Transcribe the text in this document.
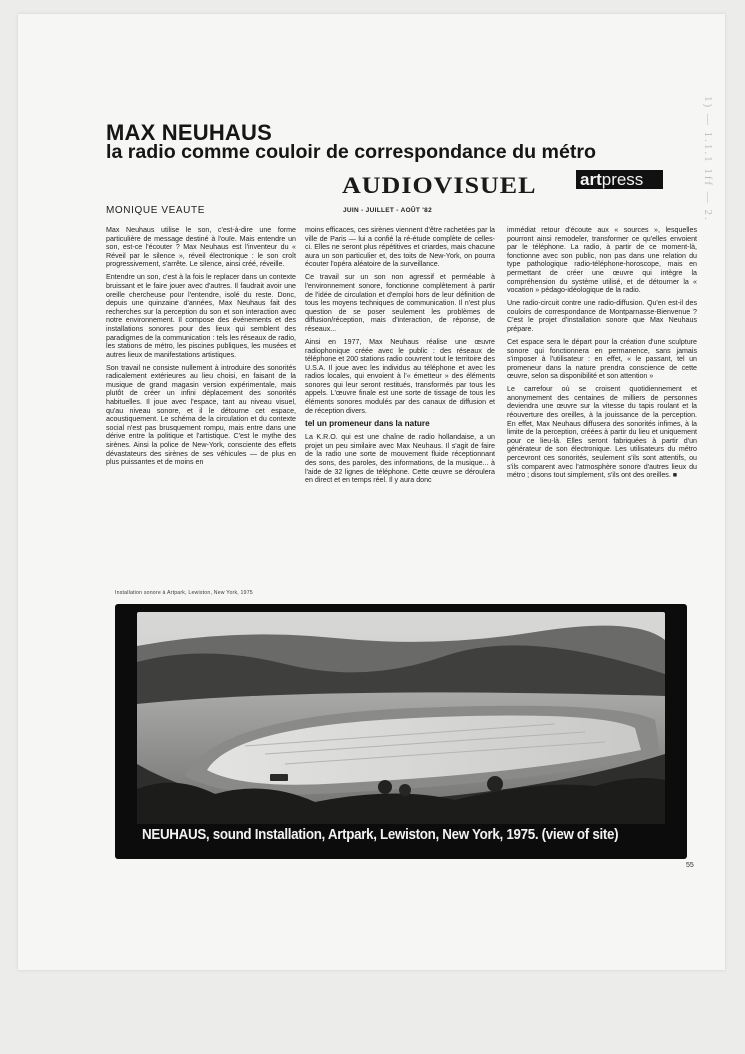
1) — 1.1.1 1ff — 2.
MAX NEUHAUS
la radio comme couloir de correspondance du métro
AUDIOVISUEL	artpress
MONIQUE VEAUTE	JUIN - JUILLET - AOÛT '82

Max Neuhaus utilise le son, c'est-à-dire une forme particulière de message destiné à l'ouïe. Mais entendre un son, est-ce l'écouter ? Max Neuhaus est l'inventeur du « Réveil par le silence », réveil électronique : le son croît progressivement, s'arrête. Le silence, ainsi créé, réveille.

Entendre un son, c'est à la fois le replacer dans un contexte bruissant et le faire jouer avec d'autres. Il faudrait avoir une oreille chercheuse pour l'entendre, isolé du reste. Donc, depuis une quinzaine d'années, Max Neuhaus fait des recherches sur la perception du son et son interaction avec notre environnement. Il compose des événements et des installations sonores pour des lieux qui semblent des paradigmes de la communication : tels les réseaux de radio, les stations de métro, les piscines publiques, les musées et autres lieux de manifestations artistiques.

Son travail ne consiste nullement à introduire des sonorités radicalement extérieures au lieu choisi, en faisant de la musique de grand magasin version expérimentale, mais plutôt de créer un infini déplacement des sonorités habituelles. Il joue avec l'espace, tant au niveau visuel, qu'au niveau sonore, et il le détourne cet espace, acoustiquement. Le schéma de la circulation et du contexte social n'est pas brusquement rompu, mais entre dans une dérive entre la politique et l'artistique. C'est le mythe des sirènes. Ainsi la police de New-York, consciente des effets dévastateurs des sirènes de ses véhicules — de plus en plus puissantes et de moins en

moins efficaces, ces sirènes viennent d'être rachetées par la ville de Paris — lui a confié la ré-étude complète de celles-ci. Elles ne seront plus répétitives et criardes, mais chacune aura un son particulier et, des toits de New-York, on pourra écouter l'opéra aléatoire de la surveillance.

Ce travail sur un son non agressif et perméable à l'environnement sonore, fonctionne complètement à partir de l'idée de circulation et d'emploi hors de leur définition de tous les moyens techniques de communication. Il n'est plus question de se poser seulement les problèmes de diffusion/réception, mais d'interaction, de réponse, de réseaux...

Ainsi en 1977, Max Neuhaus réalise une œuvre radiophonique créée avec le public : des réseaux de téléphone et 200 stations radio couvrent tout le territoire des U.S.A. Il joue avec les individus au téléphone et avec les radios locales, qui envoient à l'« émetteur » des éléments sonores qui leur seront restitués, transformés par tous les appels. L'œuvre finale est une sorte de tissage de tous les éléments sonores modulés par des canaux de diffusion et de réception divers.

tel un promeneur dans la nature

La K.R.O. qui est une chaîne de radio hollandaise, a un projet un peu similaire avec Max Neuhaus. Il s'agit de faire de la radio une sorte de mouvement fluide réceptionnant des sons, des paroles, des informations, de la musique... à l'aide de 32 lignes de téléphone. Cette œuvre se déroulera en direct et en temps réel. Il y aura donc

immédiat retour d'écoute aux « sources », lesquelles pourront ainsi remodeler, transformer ce qu'elles envoient par le téléphone. La radio, à partir de ce moment-là, fonctionne avec son public, non pas dans une relation du type pathologique radio-téléphone-horoscope, mais en permettant de créer une œuvre qui intègre la compréhension du système utilisé, et de détourner la « vocation » pédago-idéologique de la radio.

Une radio-circuit contre une radio-diffusion. Qu'en est-il des couloirs de correspondance de Montparnasse-Bienvenue ? C'est le projet d'installation sonore que Max Neuhaus prépare.

Cet espace sera le départ pour la création d'une sculpture sonore qui fonctionnera en permanence, sans jamais s'imposer à l'utilisateur : en effet, « le passant, tel un promeneur dans la nature prendra conscience de cette œuvre, selon sa disponibilité et son attention »

Le carrefour où se croisent quotidiennement et anonymement des centaines de milliers de personnes deviendra une œuvre sur la vitesse du tapis roulant et la réouverture des oreilles, à la jouissance de la perception. En effet, Max Neuhaus diffusera des sonorités infimes, à la limite de la perception, créées à partir du lieu et uniquement pour ce lieu-là. Elles seront fabriquées à partir d'un générateur de son électronique. Les utilisateurs du métro percevront ces sonorités, seulement s'ils sont attentifs, ou s'ils comparent avec l'atmosphère sonore d'autres lieux du métro ; disons tout simplement, s'ils ont des oreilles. ■

Installation sonore à Artpark, Lewiston, New York, 1975
NEUHAUS, sound Installation, Artpark, Lewiston, New York, 1975. (view of site)
55
